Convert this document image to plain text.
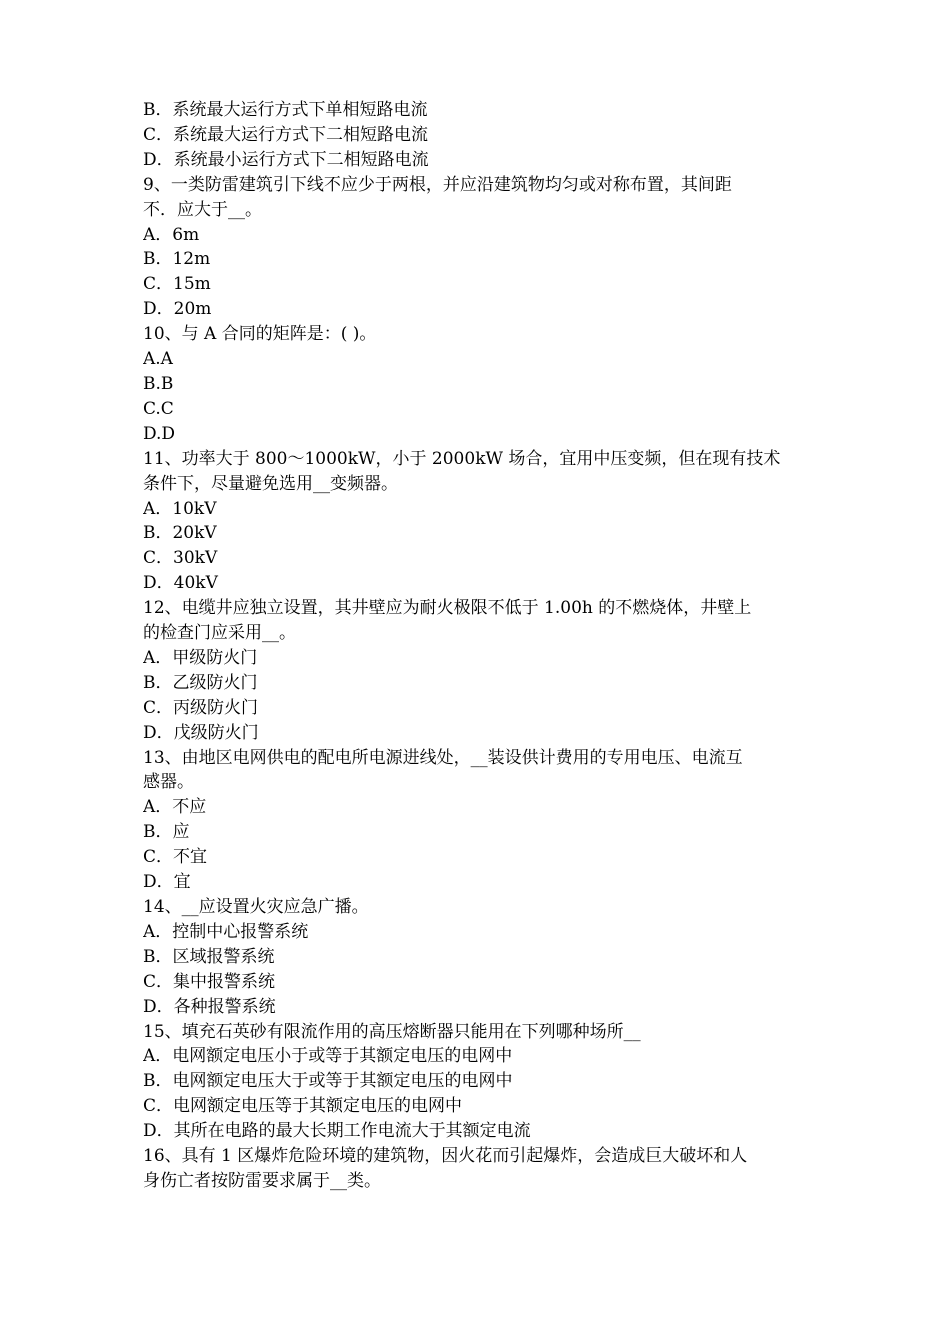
B．系统最大运行方式下单相短路电流
C．系统最大运行方式下二相短路电流
D．系统最小运行方式下二相短路电流
9、一类防雷建筑引下线不应少于两根，并应沿建筑物均匀或对称布置，其间距
不．应大于__。
A．6m
B．12m
C．15m
D．20m
10、与 A 合同的矩阵是：( )。
A.A
B.B
C.C
D.D
11、功率大于 800～1000kW，小于 2000kW 场合，宜用中压变频，但在现有技术
条件下，尽量避免选用__变频器。
A．10kV
B．20kV
C．30kV
D．40kV
12、电缆井应独立设置，其井壁应为耐火极限不低于 1.00h 的不燃烧体，井壁上
的检查门应采用__。
A．甲级防火门
B．乙级防火门
C．丙级防火门
D．戊级防火门
13、由地区电网供电的配电所电源进线处，__装设供计费用的专用电压、电流互
感器。
A．不应
B．应
C．不宜
D．宜
14、__应设置火灾应急广播。
A．控制中心报警系统
B．区域报警系统
C．集中报警系统
D．各种报警系统
15、填充石英砂有限流作用的高压熔断器只能用在下列哪种场所__
A．电网额定电压小于或等于其额定电压的电网中
B．电网额定电压大于或等于其额定电压的电网中
C．电网额定电压等于其额定电压的电网中
D．其所在电路的最大长期工作电流大于其额定电流
16、具有 1 区爆炸危险环境的建筑物，因火花而引起爆炸，会造成巨大破坏和人
身伤亡者按防雷要求属于__类。
